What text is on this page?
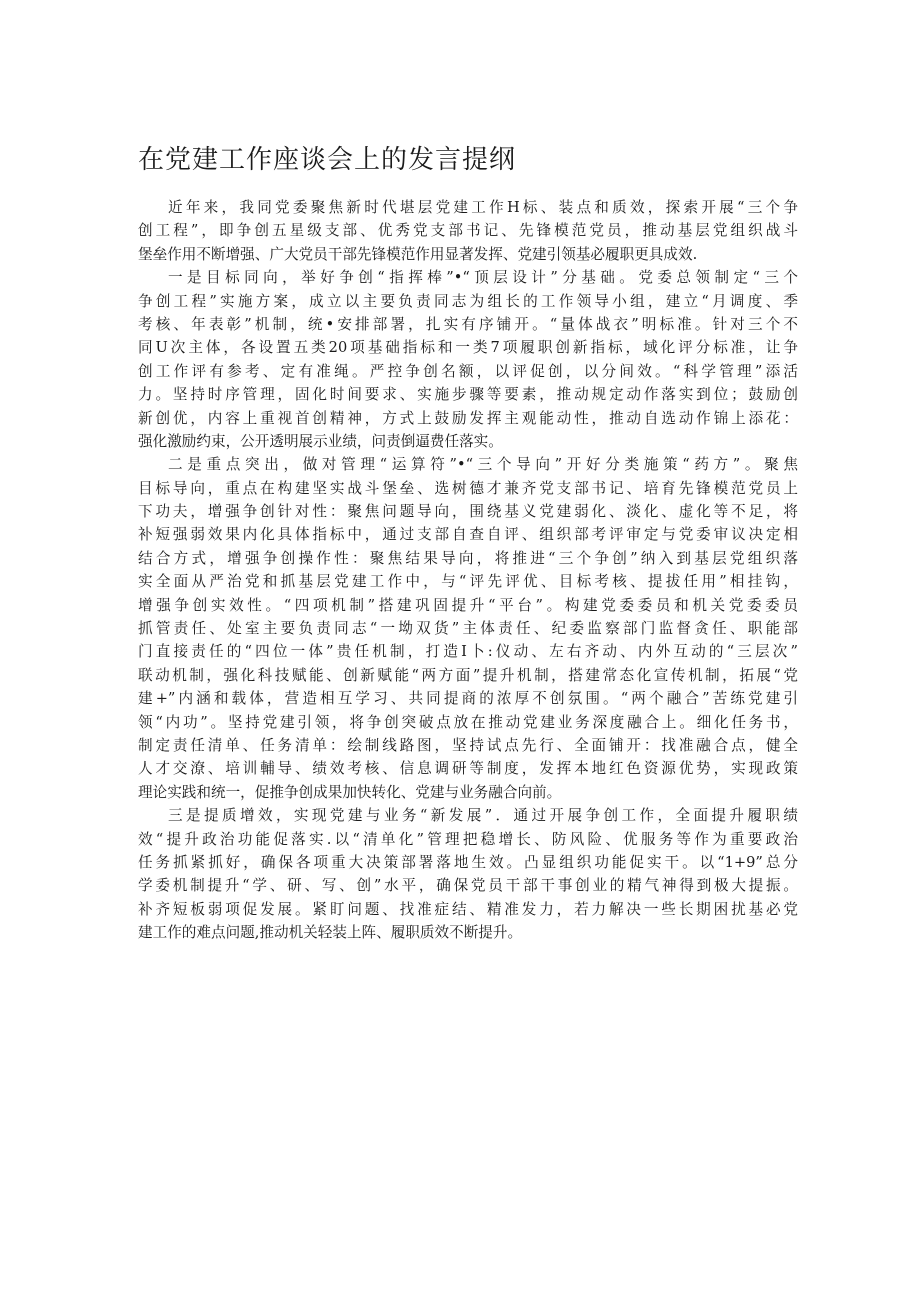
在党建工作座谈会上的发言提纲
近年来，我同党委聚焦新时代堪层党建工作H标、装点和质效，探索开展“三个争
创工程”，即争创五星级支部、优秀党支部书记、先锋模范党员，推动基层党组织战斗
堡垒作用不断增强、广大党员干部先锋模范作用显著发挥、党建引领基必履职更具成效.
一是目标同向，举好争创“指挥棒”•“顶层设计”分基础。党委总领制定“三个
争创工程”实施方案，成立以主要负责同志为组长的工作领导小组，建立“月调度、季
考核、年表彰”机制，统•安排部署，扎实有序铺开。“量体战衣”明标准。针对三个不
同U次主体，各设置五类20项基础指标和一类7项履职创新指标，域化评分标准，让争
创工作评有参考、定有准绳。严控争创名额，以评促创，以分间效。“科学管理”添活
力。坚持时序管理，固化时间要求、实施步骤等要素，推动规定动作落实到位；鼓励创
新创优，内容上重视首创精神，方式上鼓励发挥主观能动性，推动自选动作锦上添花：
强化激励约束，公开透明展示业绩，问责倒逼费任落实。
二是重点突出，做对管理“运算符”•“三个导向”开好分类施策“药方”。聚焦
目标导向，重点在构建坚实战斗堡垒、选树德才兼齐党支部书记、培育先锋模范党员上
下功夫，增强争创针对性：聚焦问题导向，围绕基义党建弱化、淡化、虚化等不足，将
补短强弱效果内化具体指标中，通过支部自查自评、组织部考评审定与党委审议决定相
结合方式，增强争创操作性：聚焦结果导向，将推进“三个争创”纳入到基层党组织落
实全面从严治党和抓基层党建工作中，与“评先评优、目标考核、提拔任用”相挂钩，
增强争创实效性。“四项机制”搭建巩固提升“平台”。构建党委委员和机关党委委员
抓管责任、处室主要负责同志“一坳双货”主体责任、纪委监察部门监督贪任、职能部
门直接责任的“四位一体”贵任机制，打造I卜:仪动、左右齐动、内外互动的“三层次”
联动机制，强化科技赋能、创新赋能“两方面”提升机制，搭建常态化宣传机制，拓展“党
建+”内涵和载体，营造相互学习、共同提商的浓厚不创氛围。“两个融合”苦练党建引
领“内功”。坚持党建引领，将争创突破点放在推动党建业务深度融合上。细化任务书，
制定责任清单、任务清单：绘制线路图，坚持试点先行、全面铺开：找准融合点，健全
人才交潦、培训輔导、绩效考核、信息调研等制度，发挥本地红色资源优势，实现政策
理论实践和统一，促推争创成果加快转化、党建与业务融合向前。
三是提质增效，实现党建与业务“新发展”．通过开展争创工作，全面提升履职绩
效“提升政治功能促落实.以“清单化”管理把稳增长、防风险、优服务等作为重要政治
任务抓紧抓好，确保各项重大决策部署落地生效。凸显组织功能促实干。以“1+9”总分
学委机制提升“学、研、写、创”水平，确保党员干部干事创业的精气神得到极大提振。
补齐短板弱项促发展。紧盯问题、找准症结、精准发力，若力解决一些长期困扰基必党
建工作的难点问题,推动机关轻装上阵、履职质效不断提升。
